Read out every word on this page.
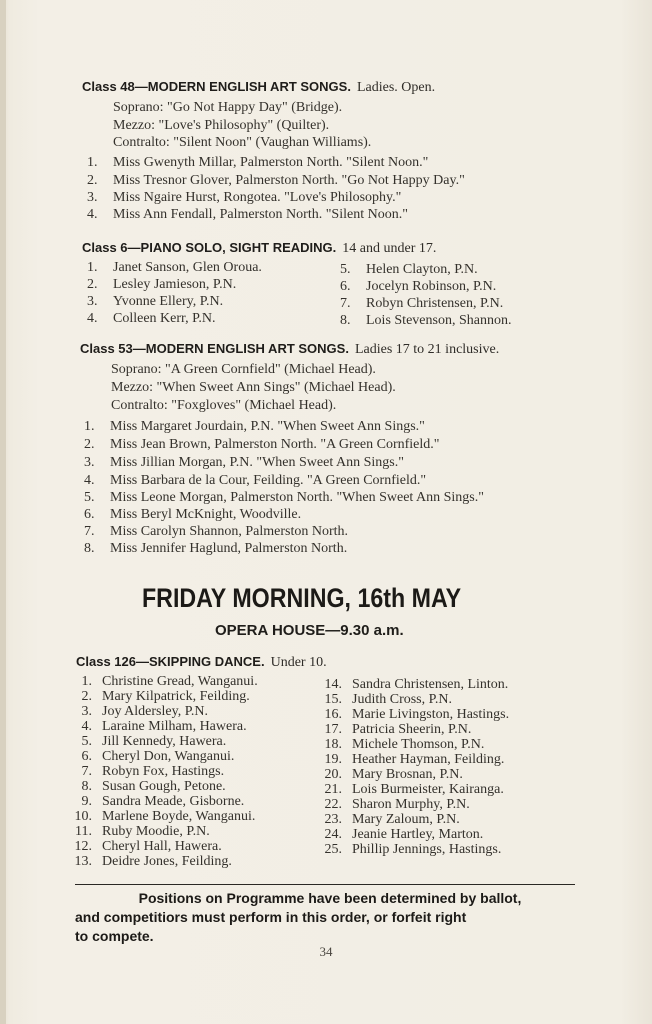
Class 48—MODERN ENGLISH ART SONGS. Ladies. Open.
Soprano: "Go Not Happy Day" (Bridge).
Mezzo: "Love's Philosophy" (Quilter).
Contralto: "Silent Noon" (Vaughan Williams).
1. Miss Gwenyth Millar, Palmerston North. "Silent Noon."
2. Miss Tresnor Glover, Palmerston North. "Go Not Happy Day."
3. Miss Ngaire Hurst, Rongotea. "Love's Philosophy."
4. Miss Ann Fendall, Palmerston North. "Silent Noon."
Class 6—PIANO SOLO, SIGHT READING. 14 and under 17.
1. Janet Sanson, Glen Oroua.
2. Lesley Jamieson, P.N.
3. Yvonne Ellery, P.N.
4. Colleen Kerr, P.N.
5. Helen Clayton, P.N.
6. Jocelyn Robinson, P.N.
7. Robyn Christensen, P.N.
8. Lois Stevenson, Shannon.
Class 53—MODERN ENGLISH ART SONGS. Ladies 17 to 21 inclusive.
Soprano: "A Green Cornfield" (Michael Head).
Mezzo: "When Sweet Ann Sings" (Michael Head).
Contralto: "Foxgloves" (Michael Head).
1. Miss Margaret Jourdain, P.N. "When Sweet Ann Sings."
2. Miss Jean Brown, Palmerston North. "A Green Cornfield."
3. Miss Jillian Morgan, P.N. "When Sweet Ann Sings."
4. Miss Barbara de la Cour, Feilding. "A Green Cornfield."
5. Miss Leone Morgan, Palmerston North. "When Sweet Ann Sings."
6. Miss Beryl McKnight, Woodville.
7. Miss Carolyn Shannon, Palmerston North.
8. Miss Jennifer Haglund, Palmerston North.
FRIDAY MORNING, 16th MAY
OPERA HOUSE—9.30 a.m.
Class 126—SKIPPING DANCE. Under 10.
1. Christine Gread, Wanganui.
2. Mary Kilpatrick, Feilding.
3. Joy Aldersley, P.N.
4. Laraine Milham, Hawera.
5. Jill Kennedy, Hawera.
6. Cheryl Don, Wanganui.
7. Robyn Fox, Hastings.
8. Susan Gough, Petone.
9. Sandra Meade, Gisborne.
10. Marlene Boyde, Wanganui.
11. Ruby Moodie, P.N.
12. Cheryl Hall, Hawera.
13. Deidre Jones, Feilding.
14. Sandra Christensen, Linton.
15. Judith Cross, P.N.
16. Marie Livingston, Hastings.
17. Patricia Sheerin, P.N.
18. Michele Thomson, P.N.
19. Heather Hayman, Feilding.
20. Mary Brosnan, P.N.
21. Lois Burmeister, Kairanga.
22. Sharon Murphy, P.N.
23. Mary Zaloum, P.N.
24. Jeanie Hartley, Marton.
25. Phillip Jennings, Hastings.
Positions on Programme have been determined by ballot,
and competitiors must perform in this order, or forfeit right
to compete.
34
